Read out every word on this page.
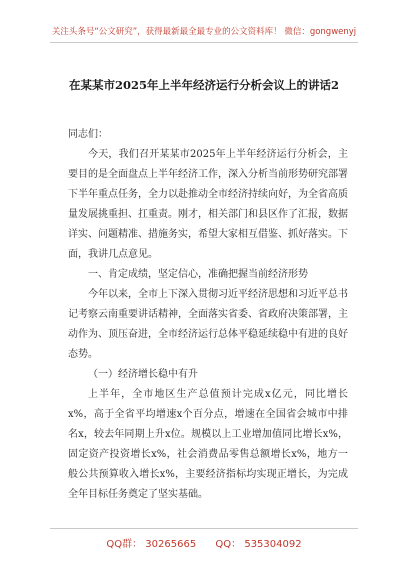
关注头条号“公文研究”，获得最新最全最专业的公文资料库！ 微信：gongwenyj
在某某市2025年上半年经济运行分析会议上的讲话2

同志们：

今天，我们召开某某市2025年上半年经济运行分析会，主要目的是全面盘点上半年经济工作，深入分析当前形势研究部署下半年重点任务，全力以赴推动全市经济持续向好，为全省高质量发展挑重担、扛重责。刚才，相关部门和县区作了汇报，数据详实、问题精准、措施务实，希望大家相互借鉴、抓好落实。下面，我讲几点意见。

一、肯定成绩，坚定信心，准确把握当前经济形势

今年以来，全市上下深入贯彻习近平经济思想和习近平总书记考察云南重要讲话精神，全面落实省委、省政府决策部署，主动作为、顶压奋进，全市经济运行总体平稳延续稳中有进的良好态势。

（一）经济增长稳中有升

上半年，全市地区生产总值预计完成x亿元，同比增长x%，高于全省平均增速x个百分点，增速在全国省会城市中排名x，较去年同期上升x位。规模以上工业增加值同比增长x%，固定资产投资增长x%，社会消费品零售总额增长x%，地方一般公共预算收入增长x%，主要经济指标均实现正增长，为完成全年目标任务奠定了坚实基础。

QQ群： 30265665 QQ： 535304092
